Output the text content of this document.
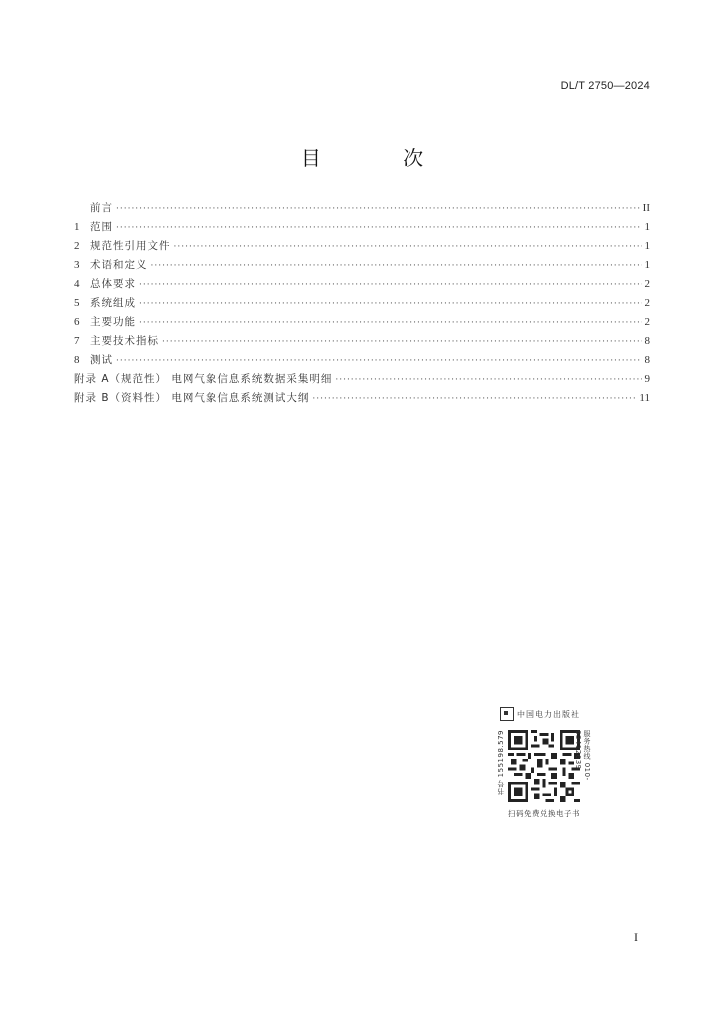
DL/T 2750—2024
目 次
前言 ·····	II
1	范围 ·····	1
2	规范性引用文件 ·····	1
3	术语和定义 ·····	1
4	总体要求 ·····	2
5	系统组成 ·····	2
6	主要功能 ·····	2
7	主要技术指标 ·····	8
8	测试 ·····	8
附录 A（规范性） 电网气象信息系统数据采集明细 ·····	9
附录 B（资料性） 电网气象信息系统测试大纲 ·····	11
中国电力出版社
书号 155198.579	服务热线 010-63412639
扫码免费兑换电子书
I
